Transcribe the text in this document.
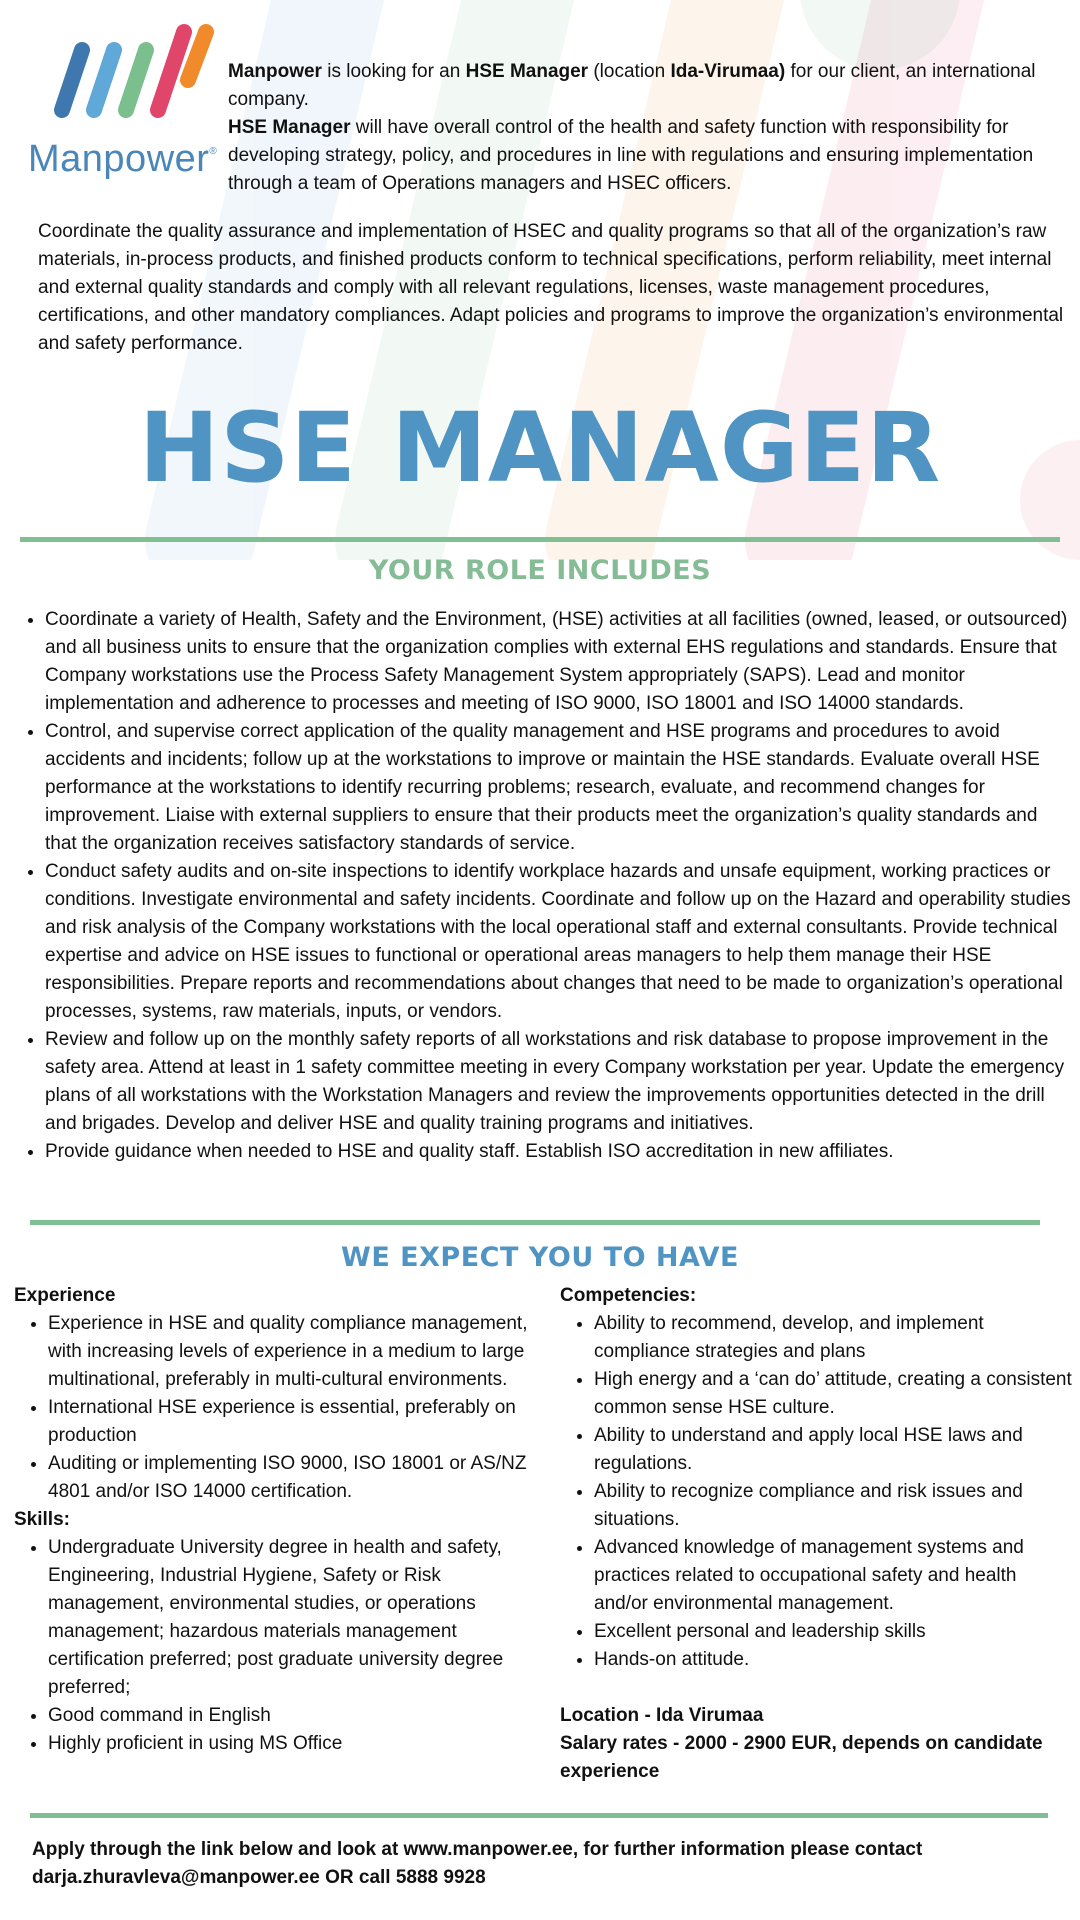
Manpower®

Manpower is looking for an HSE Manager (location Ida-Virumaa) for our client, an international company.

HSE Manager will have overall control of the health and safety function with responsibility for developing strategy, policy, and procedures in line with regulations and ensuring implementation through a team of Operations managers and HSEC officers.

Coordinate the quality assurance and implementation of HSEC and quality programs so that all of the organization’s raw materials, in-process products, and finished products conform to technical specifications, perform reliability, meet internal and external quality standards and comply with all relevant regulations, licenses, waste management procedures, certifications, and other mandatory compliances. Adapt policies and programs to improve the organization’s environmental and safety performance.

HSE MANAGER
YOUR ROLE INCLUDES
• Coordinate a variety of Health, Safety and the Environment, (HSE) activities at all facilities (owned, leased, or outsourced) and all business units to ensure that the organization complies with external EHS regulations and standards. Ensure that Company workstations use the Process Safety Management System appropriately (SAPS). Lead and monitor implementation and adherence to processes and meeting of ISO 9000, ISO 18001 and ISO 14000 standards.
• Control, and supervise correct application of the quality management and HSE programs and procedures to avoid accidents and incidents; follow up at the workstations to improve or maintain the HSE standards. Evaluate overall HSE performance at the workstations to identify recurring problems; research, evaluate, and recommend changes for improvement. Liaise with external suppliers to ensure that their products meet the organization’s quality standards and that the organization receives satisfactory standards of service.
• Conduct safety audits and on-site inspections to identify workplace hazards and unsafe equipment, working practices or conditions. Investigate environmental and safety incidents. Coordinate and follow up on the Hazard and operability studies and risk analysis of the Company workstations with the local operational staff and external consultants. Provide technical expertise and advice on HSE issues to functional or operational areas managers to help them manage their HSE responsibilities. Prepare reports and recommendations about changes that need to be made to organization’s operational processes, systems, raw materials, inputs, or vendors.
• Review and follow up on the monthly safety reports of all workstations and risk database to propose improvement in the safety area. Attend at least in 1 safety committee meeting in every Company workstation per year. Update the emergency plans of all workstations with the Workstation Managers and review the improvements opportunities detected in the drill and brigades. Develop and deliver HSE and quality training programs and initiatives.
• Provide guidance when needed to HSE and quality staff. Establish ISO accreditation in new affiliates.
WE EXPECT YOU TO HAVE
Experience
• Experience in HSE and quality compliance management, with increasing levels of experience in a medium to large multinational, preferably in multi-cultural environments.
• International HSE experience is essential, preferably on production
• Auditing or implementing ISO 9000, ISO 18001 or AS/NZ 4801 and/or ISO 14000 certification.
Skills:
• Undergraduate University degree in health and safety, Engineering, Industrial Hygiene, Safety or Risk management, environmental studies, or operations management; hazardous materials management certification preferred; post graduate university degree preferred;
• Good command in English
• Highly proficient in using MS Office
Competencies:
• Ability to recommend, develop, and implement compliance strategies and plans
• High energy and a ‘can do’ attitude, creating a consistent common sense HSE culture.
• Ability to understand and apply local HSE laws and regulations.
• Ability to recognize compliance and risk issues and situations.
• Advanced knowledge of management systems and practices related to occupational safety and health and/or environmental management.
• Excellent personal and leadership skills
• Hands-on attitude.
Location - Ida Virumaa
Salary rates - 2000 - 2900 EUR, depends on candidate experience
Apply through the link below and look at www.manpower.ee, for further information please contact darja.zhuravleva@manpower.ee OR call 5888 9928
